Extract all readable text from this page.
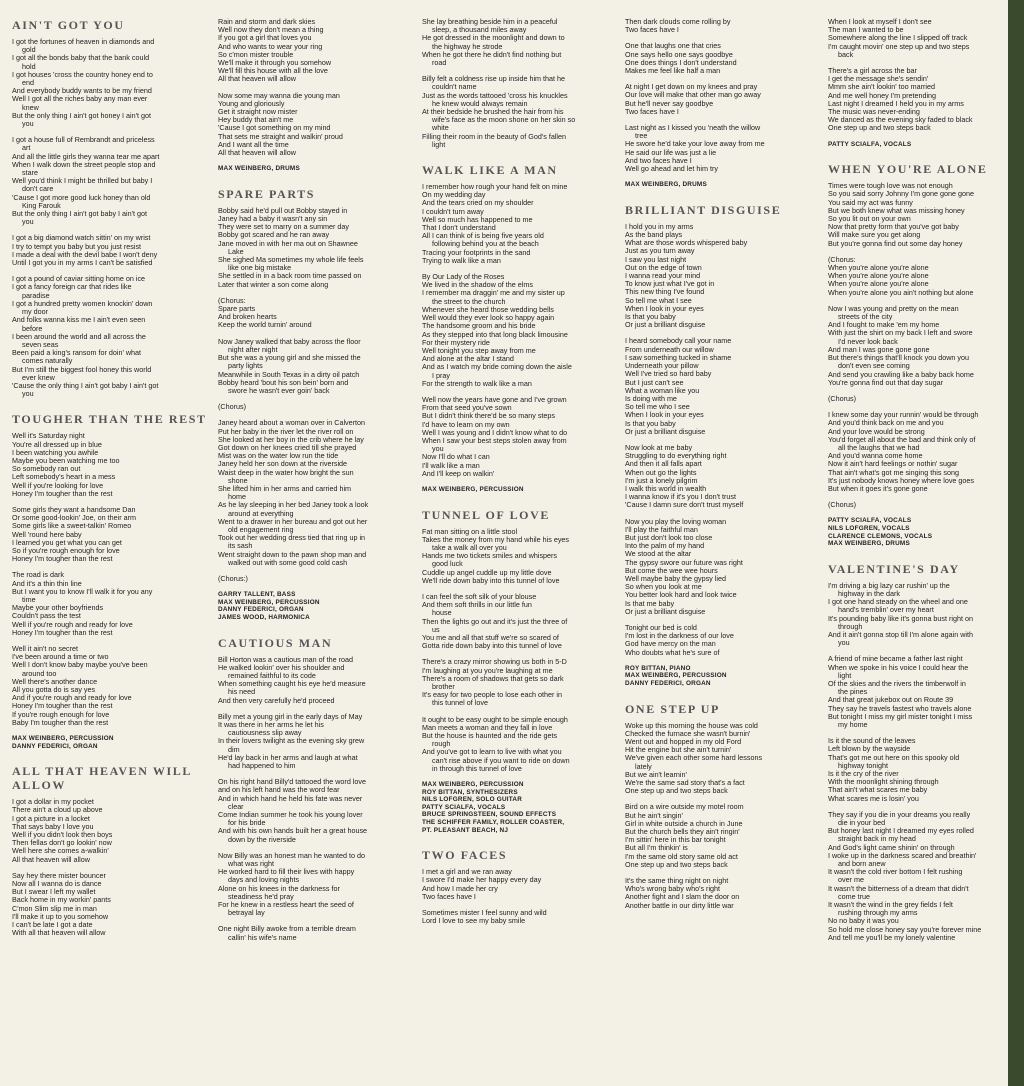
AIN'T GOT YOU
I got the fortunes of heaven in diamonds and
gold
I got all the bonds baby that the bank could
hold
I got houses 'cross the country honey end to
end
And everybody buddy wants to be my friend
Well I got all the riches baby any man ever
knew
But the only thing I ain't got honey I ain't got
you
I got a house full of Rembrandt and priceless
art
And all the little girls they wanna tear me apart
When I walk down the street people stop and
stare
Well you'd think I might be thrilled but baby I
don't care
'Cause I got more good luck honey than old
King Farouk
But the only thing I ain't got baby I ain't got
you
I got a big diamond watch sittin' on my wrist
I try to tempt you baby but you just resist
I made a deal with the devil babe I won't deny
Until I got you in my arms I can't be satisfied
I got a pound of caviar sitting home on ice
I got a fancy foreign car that rides like
paradise
I got a hundred pretty women knockin' down
my door
And folks wanna kiss me I ain't even seen
before
I been around the world and all across the
seven seas
Been paid a king's ransom for doin' what
comes naturally
But I'm still the biggest fool honey this world
ever knew
'Cause the only thing I ain't got baby I ain't got
you
TOUGHER THAN THE REST
Well it's Saturday night
You're all dressed up in blue
I been watching you awhile
Maybe you been watching me too
So somebody ran out
Left somebody's heart in a mess
Well if you're looking for love
Honey I'm tougher than the rest
Some girls they want a handsome Dan
Or some good-lookin' Joe, on their arm
Some girls like a sweet-talkin' Romeo
Well 'round here baby
I learned you get what you can get
So if you're rough enough for love
Honey I'm tougher than the rest
The road is dark
And it's a thin thin line
But I want you to know I'll walk it for you any
time
Maybe your other boyfriends
Couldn't pass the test
Well if you're rough and ready for love
Honey I'm tougher than the rest
Well it ain't no secret
I've been around a time or two
Well I don't know baby maybe you've been
around too
Well there's another dance
All you gotta do is say yes
And if you're rough and ready for love
Honey I'm tougher than the rest
If you're rough enough for love
Baby I'm tougher than the rest
MAX WEINBERG, PERCUSSION
DANNY FEDERICI, ORGAN
ALL THAT HEAVEN WILL ALLOW
I got a dollar in my pocket
There ain't a cloud up above
I got a picture in a locket
That says baby I love you
Well if you didn't look then boys
Then fellas don't go lookin' now
Well here she comes a-walkin'
All that heaven will allow
Say hey there mister bouncer
Now all I wanna do is dance
But I swear I left my wallet
Back home in my workin' pants
C'mon Slim slip me in man
I'll make it up to you somehow
I can't be late I got a date
With all that heaven will allow
Rain and storm and dark skies
Well now they don't mean a thing
If you got a girl that loves you
And who wants to wear your ring
So c'mon mister trouble
We'll make it through you somehow
We'll fill this house with all the love
All that heaven will allow
Now some may wanna die young man
Young and gloriously
Get it straight now mister
Hey buddy that ain't me
'Cause I got something on my mind
That sets me straight and walkin' proud
And I want all the time
All that heaven will allow
MAX WEINBERG, DRUMS
SPARE PARTS
Bobby said he'd pull out Bobby stayed in
Janey had a baby it wasn't any sin
They were set to marry on a summer day
Bobby got scared and he ran away
Jane moved in with her ma out on Shawnee
Lake
She sighed Ma sometimes my whole life feels
like one big mistake
She settled in in a back room time passed on
Later that winter a son come along
(Chorus:
Spare parts
And broken hearts
Keep the world turnin' around
Now Janey walked that baby across the floor
night after night
But she was a young girl and she missed the
party lights
Meanwhile in South Texas in a dirty oil patch
Bobby heard 'bout his son bein' born and
swore he wasn't ever goin' back
(Chorus)
Janey heard about a woman over in Calverton
Put her baby in the river let the river roll on
She looked at her boy in the crib where he lay
Got down on her knees cried till she prayed
Mist was on the water low run the tide
Janey held her son down at the riverside
Waist deep in the water how bright the sun
shone
She lifted him in her arms and carried him
home
As he lay sleeping in her bed Janey took a look
around at everything
Went to a drawer in her bureau and got out her
old engagement ring
Took out her wedding dress tied that ring up in
its sash
Went straight down to the pawn shop man and
walked out with some good cold cash
(Chorus:)
GARRY TALLENT, BASS
MAX WEINBERG, PERCUSSION
DANNY FEDERICI, ORGAN
JAMES WOOD, HARMONICA
CAUTIOUS MAN
Bill Horton was a cautious man of the road
He walked lookin' over his shoulder and
remained faithful to its code
When something caught his eye he'd measure
his need
And then very carefully he'd proceed
Billy met a young girl in the early days of May
It was there in her arms he let his
cautiousness slip away
In their lovers twilight as the evening sky grew
dim
He'd lay back in her arms and laugh at what
had happened to him
On his right hand Billy'd tattooed the word love
and on his left hand was the word fear
And in which hand he held his fate was never
clear
Come Indian summer he took his young lover
for his bride
And with his own hands built her a great house
down by the riverside
Now Billy was an honest man he wanted to do
what was right
He worked hard to fill their lives with happy
days and loving nights
Alone on his knees in the darkness for
steadiness he'd pray
For he knew in a restless heart the seed of
betrayal lay
One night Billy awoke from a terrible dream
callin' his wife's name
She lay breathing beside him in a peaceful
sleep, a thousand miles away
He got dressed in the moonlight and down to
the highway he strode
When he got there he didn't find nothing but
road
Billy felt a coldness rise up inside him that he
couldn't name
Just as the words tattooed 'cross his knuckles
he knew would always remain
At their bedside he brushed the hair from his
wife's face as the moon shone on her skin so
white
Filling their room in the beauty of God's fallen
light
WALK LIKE A MAN
I remember how rough your hand felt on mine
On my wedding day
And the tears cried on my shoulder
I couldn't turn away
Well so much has happened to me
That I don't understand
All I can think of is being five years old
following behind you at the beach
Tracing your footprints in the sand
Trying to walk like a man
By Our Lady of the Roses
We lived in the shadow of the elms
I remember ma draggin' me and my sister up
the street to the church
Whenever she heard those wedding bells
Well would they ever look so happy again
The handsome groom and his bride
As they stepped into that long black limousine
For their mystery ride
Well tonight you step away from me
And alone at the altar I stand
And as I watch my bride coming down the aisle
I pray
For the strength to walk like a man
Well now the years have gone and I've grown
From that seed you've sown
But I didn't think there'd be so many steps
I'd have to learn on my own
Well I was young and I didn't know what to do
When I saw your best steps stolen away from
you
Now I'll do what I can
I'll walk like a man
And I'll keep on walkin'
MAX WEINBERG, PERCUSSION
TUNNEL OF LOVE
Fat man sitting on a little stool
Takes the money from my hand while his eyes
take a walk all over you
Hands me two tickets smiles and whispers
good luck
Cuddle up angel cuddle up my little dove
We'll ride down baby into this tunnel of love
I can feel the soft silk of your blouse
And them soft thrills in our little fun
house
Then the lights go out and it's just the three of
us
You me and all that stuff we're so scared of
Gotta ride down baby into this tunnel of love
There's a crazy mirror showing us both in 5-D
I'm laughing at you you're laughing at me
There's a room of shadows that gets so dark
brother
It's easy for two people to lose each other in
this tunnel of love
It ought to be easy ought to be simple enough
Man meets a woman and they fall in love
But the house is haunted and the ride gets
rough
And you've got to learn to live with what you
can't rise above if you want to ride on down
in through this tunnel of love
MAX WEINBERG, PERCUSSION
ROY BITTAN, SYNTHESIZERS
NILS LOFGREN, SOLO GUITAR
PATTY SCIALFA, VOCALS
BRUCE SPRINGSTEEN, SOUND EFFECTS
THE SCHIFFER FAMILY, ROLLER COASTER,
PT. PLEASANT BEACH, NJ
TWO FACES
I met a girl and we ran away
I swore I'd make her happy every day
And how I made her cry
Two faces have I
Sometimes mister I feel sunny and wild
Lord I love to see my baby smile
Then dark clouds come rolling by
Two faces have I
One that laughs one that cries
One says hello one says goodbye
One does things I don't understand
Makes me feel like half a man
At night I get down on my knees and pray
Our love will make that other man go away
But he'll never say goodbye
Two faces have I
Last night as I kissed you 'neath the willow
tree
He swore he'd take your love away from me
He said our life was just a lie
And two faces have I
Well go ahead and let him try
MAX WEINBERG, DRUMS
BRILLIANT DISGUISE
I hold you in my arms
As the band plays
What are those words whispered baby
Just as you turn away
I saw you last night
Out on the edge of town
I wanna read your mind
To know just what I've got in
This new thing I've found
So tell me what I see
When I look in your eyes
Is that you baby
Or just a brilliant disguise
I heard somebody call your name
From underneath our willow
I saw something tucked in shame
Underneath your pillow
Well I've tried so hard baby
But I just can't see
What a woman like you
Is doing with me
So tell me who I see
When I look in your eyes
Is that you baby
Or just a brilliant disguise
Now look at me baby
Struggling to do everything right
And then it all falls apart
When out go the lights
I'm just a lonely pilgrim
I walk this world in wealth
I wanna know if it's you I don't trust
'Cause I damn sure don't trust myself
Now you play the loving woman
I'll play the faithful man
But just don't look too close
Into the palm of my hand
We stood at the altar
The gypsy swore our future was right
But come the wee wee hours
Well maybe baby the gypsy lied
So when you look at me
You better look hard and look twice
Is that me baby
Or just a brilliant disguise
Tonight our bed is cold
I'm lost in the darkness of our love
God have mercy on the man
Who doubts what he's sure of
ROY BITTAN, PIANO
MAX WEINBERG, PERCUSSION
DANNY FEDERICI, ORGAN
ONE STEP UP
Woke up this morning the house was cold
Checked the furnace she wasn't burnin'
Went out and hopped in my old Ford
Hit the engine but she ain't turnin'
We've given each other some hard lessons
lately
But we ain't learnin'
We're the same sad story that's a fact
One step up and two steps back
Bird on a wire outside my motel room
But he ain't singin'
Girl in white outside a church in June
But the church bells they ain't ringin'
I'm sittin' here in this bar tonight
But all I'm thinkin' is
I'm the same old story same old act
One step up and two steps back
It's the same thing night on night
Who's wrong baby who's right
Another fight and I slam the door on
Another battle in our dirty little war
When I look at myself I don't see
The man I wanted to be
Somewhere along the line I slipped off track
I'm caught movin' one step up and two steps
back
There's a girl across the bar
I get the message she's sendin'
Mmm she ain't lookin' too married
And me well honey I'm pretending
Last night I dreamed I held you in my arms
The music was never-ending
We danced as the evening sky faded to black
One step up and two steps back
PATTY SCIALFA, VOCALS
WHEN YOU'RE ALONE
Times were tough love was not enough
So you said sorry Johnny I'm gone gone gone
You said my act was funny
But we both knew what was missing honey
So you lit out on your own
Now that pretty form that you've got baby
Will make sure you get along
But you're gonna find out some day honey
(Chorus:
When you're alone you're alone
When you're alone you're alone
When you're alone you're alone
When you're alone you ain't nothing but alone
Now I was young and pretty on the mean
streets of the city
And I fought to make 'em my home
With just the shirt on my back I left and swore
I'd never look back
And man I was gone gone gone
But there's things that'll knock you down you
don't even see coming
And send you crawling like a baby back home
You're gonna find out that day sugar
(Chorus)
I knew some day your runnin' would be through
And you'd think back on me and you
And your love would be strong
You'd forget all about the bad and think only of
all the laughs that we had
And you'd wanna come home
Now it ain't hard feelings or nothin' sugar
That ain't what's got me singing this song
It's just nobody knows honey where love goes
But when it goes it's gone gone
(Chorus)
PATTY SCIALFA, VOCALS
NILS LOFGREN, VOCALS
CLARENCE CLEMONS, VOCALS
MAX WEINBERG, DRUMS
VALENTINE'S DAY
I'm driving a big lazy car rushin' up the
highway in the dark
I got one hand steady on the wheel and one
hand's tremblin' over my heart
It's pounding baby like it's gonna bust right on
through
And it ain't gonna stop till I'm alone again with
you
A friend of mine became a father last night
When we spoke in his voice I could hear the
light
Of the skies and the rivers the timberwolf in
the pines
And that great jukebox out on Route 39
They say he travels fastest who travels alone
But tonight I miss my girl mister tonight I miss
my home
Is it the sound of the leaves
Left blown by the wayside
That's got me out here on this spooky old
highway tonight
Is it the cry of the river
With the moonlight shining through
That ain't what scares me baby
What scares me is losin' you
They say if you die in your dreams you really
die in your bed
But honey last night I dreamed my eyes rolled
straight back in my head
And God's light came shinin' on through
I woke up in the darkness scared and breathin'
and born anew
It wasn't the cold river bottom I felt rushing
over me
It wasn't the bitterness of a dream that didn't
come true
It wasn't the wind in the grey fields I felt
rushing through my arms
No no baby it was you
So hold me close honey say you're forever mine
And tell me you'll be my lonely valentine
